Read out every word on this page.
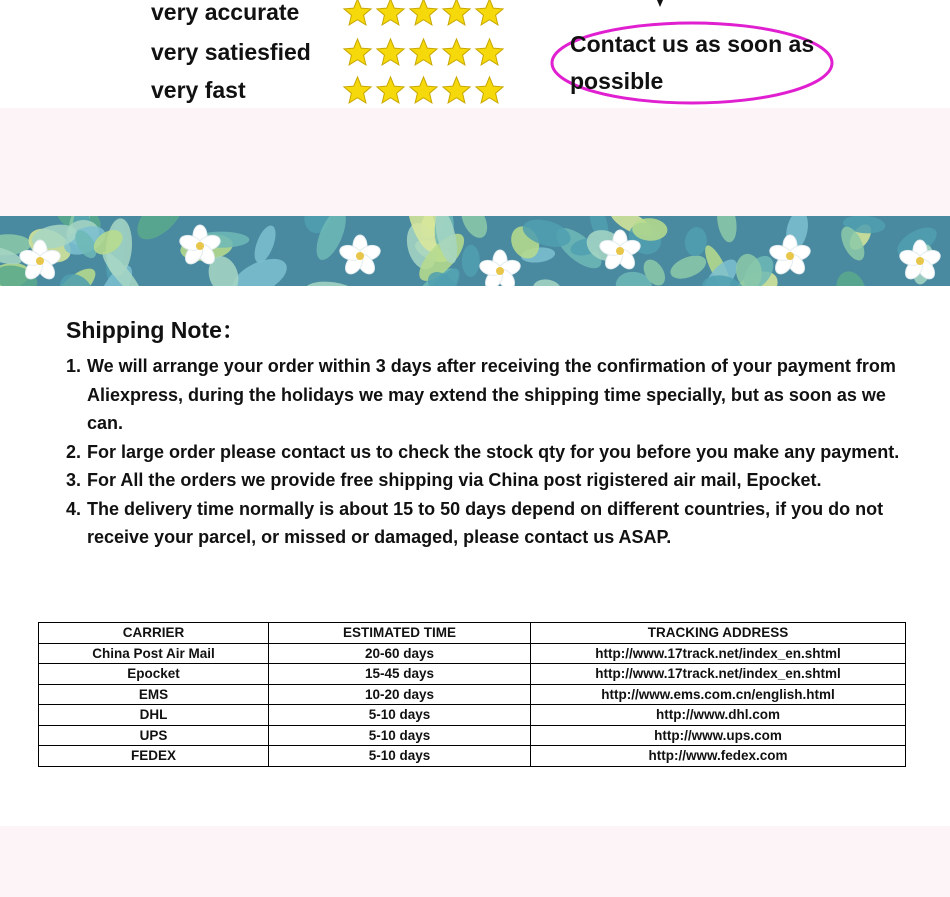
very accurate
very satiesfied
very fast
Contact us as soon as possible
Shipping Note：
1. We will arrange your order within 3 days after receiving the confirmation of your payment from Aliexpress, during the holidays we may extend the shipping time specially, but as soon as we can.
2. For large order please contact us to check the stock qty for you before you make any payment.
3. For All the orders we provide free shipping via China post rigistered air mail, Epocket.
4. The delivery time normally is about 15 to 50 days depend on different countries, if you do not receive your parcel, or missed or damaged, please contact us ASAP.
CARRIER	ESTIMATED TIME	TRACKING ADDRESS
China Post Air Mail	20-60 days	http://www.17track.net/index_en.shtml
Epocket	15-45 days	http://www.17track.net/index_en.shtml
EMS	10-20 days	http://www.ems.com.cn/english.html
DHL	5-10 days	http://www.dhl.com
UPS	5-10 days	http://www.ups.com
FEDEX	5-10 days	http://www.fedex.com
